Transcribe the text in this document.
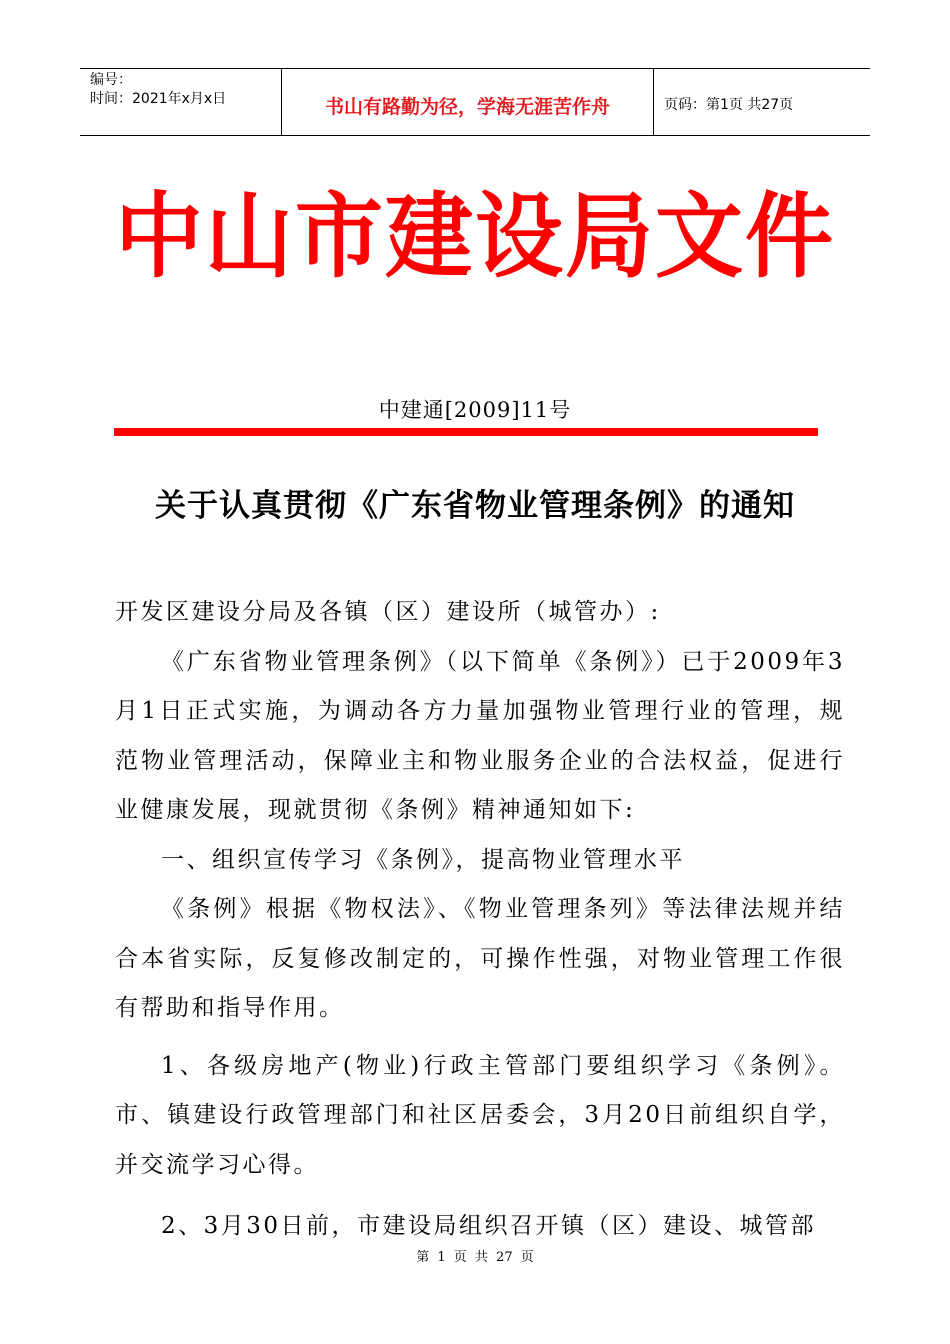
编号：
时间：2021年x月x日	书山有路勤为径，学海无涯苦作舟	页码：第1页 共27页
中山市建设局文件
中建通[2009]11号
关于认真贯彻《广东省物业管理条例》的通知

开发区建设分局及各镇（区）建设所（城管办）:

《广东省物业管理条例》（以下简单《条例》）已于2009年3月1日正式实施，为调动各方力量加强物业管理行业的管理，规范物业管理活动，保障业主和物业服务企业的合法权益，促进行业健康发展，现就贯彻《条例》精神通知如下:

一、组织宣传学习《条例》，提高物业管理水平

《条例》根据《物权法》、《物业管理条列》等法律法规并结合本省实际，反复修改制定的，可操作性强，对物业管理工作很有帮助和指导作用。

1、各级房地产(物业)行政主管部门要组织学习《条例》。市、镇建设行政管理部门和社区居委会，3月20日前组织自学，并交流学习心得。

2、3月30日前，市建设局组织召开镇（区）建设、城管部

第 1 页 共 27 页
